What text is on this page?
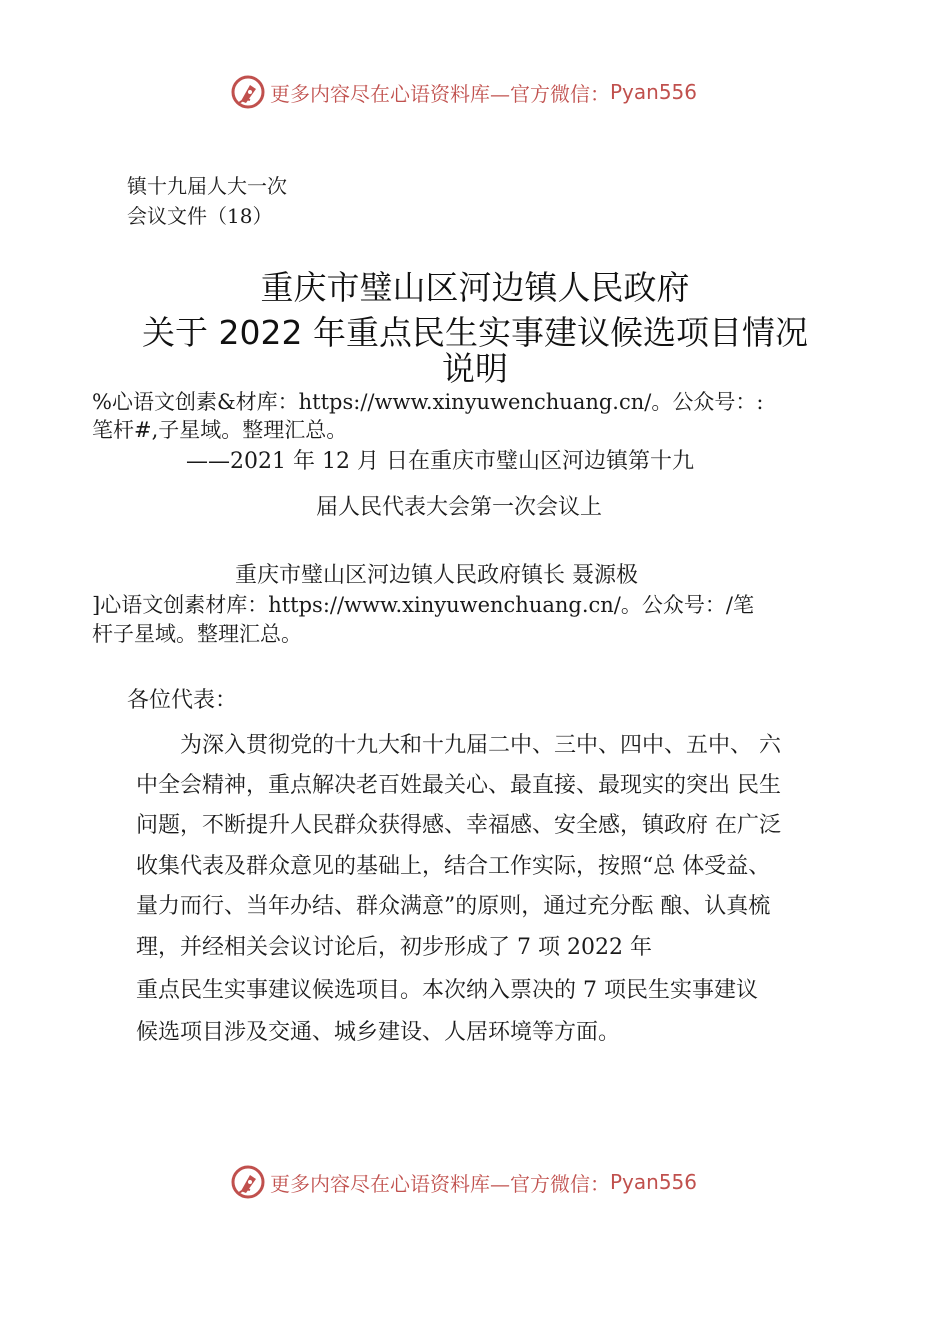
更多内容尽在心语资料库—官方微信： Pyan556
镇十九届人大一次
会议文件（18）
重庆市璧山区河边镇人民政府
关于 2022 年重点民生实事建议候选项目情况
说明
%心语文创素&材库：https://www.xinyuwenchuang.cn/。公众号：:
笔杆#,子星域。整理汇总。
——2021 年 12 月 日在重庆市璧山区河边镇第十九
届人民代表大会第一次会议上
重庆市璧山区河边镇人民政府镇长 聂源极
]心语文创素材库：https://www.xinyuwenchuang.cn/。公众号：/笔
杆子星域。整理汇总。
各位代表：
　　为深入贯彻党的十九大和十九届二中、三中、四中、五中、 六
中全会精神，重点解决老百姓最关心、最直接、最现实的突出 民生
问题，不断提升人民群众获得感、幸福感、安全感，镇政府 在广泛
收集代表及群众意见的基础上，结合工作实际，按照“总 体受益、
量力而行、当年办结、群众满意”的原则，通过充分酝 酿、认真梳
理，并经相关会议讨论后，初步形成了 7 项 2022 年
重点民生实事建议候选项目。本次纳入票决的 7 项民生实事建议
候选项目涉及交通、城乡建设、人居环境等方面。
更多内容尽在心语资料库—官方微信： Pyan556
